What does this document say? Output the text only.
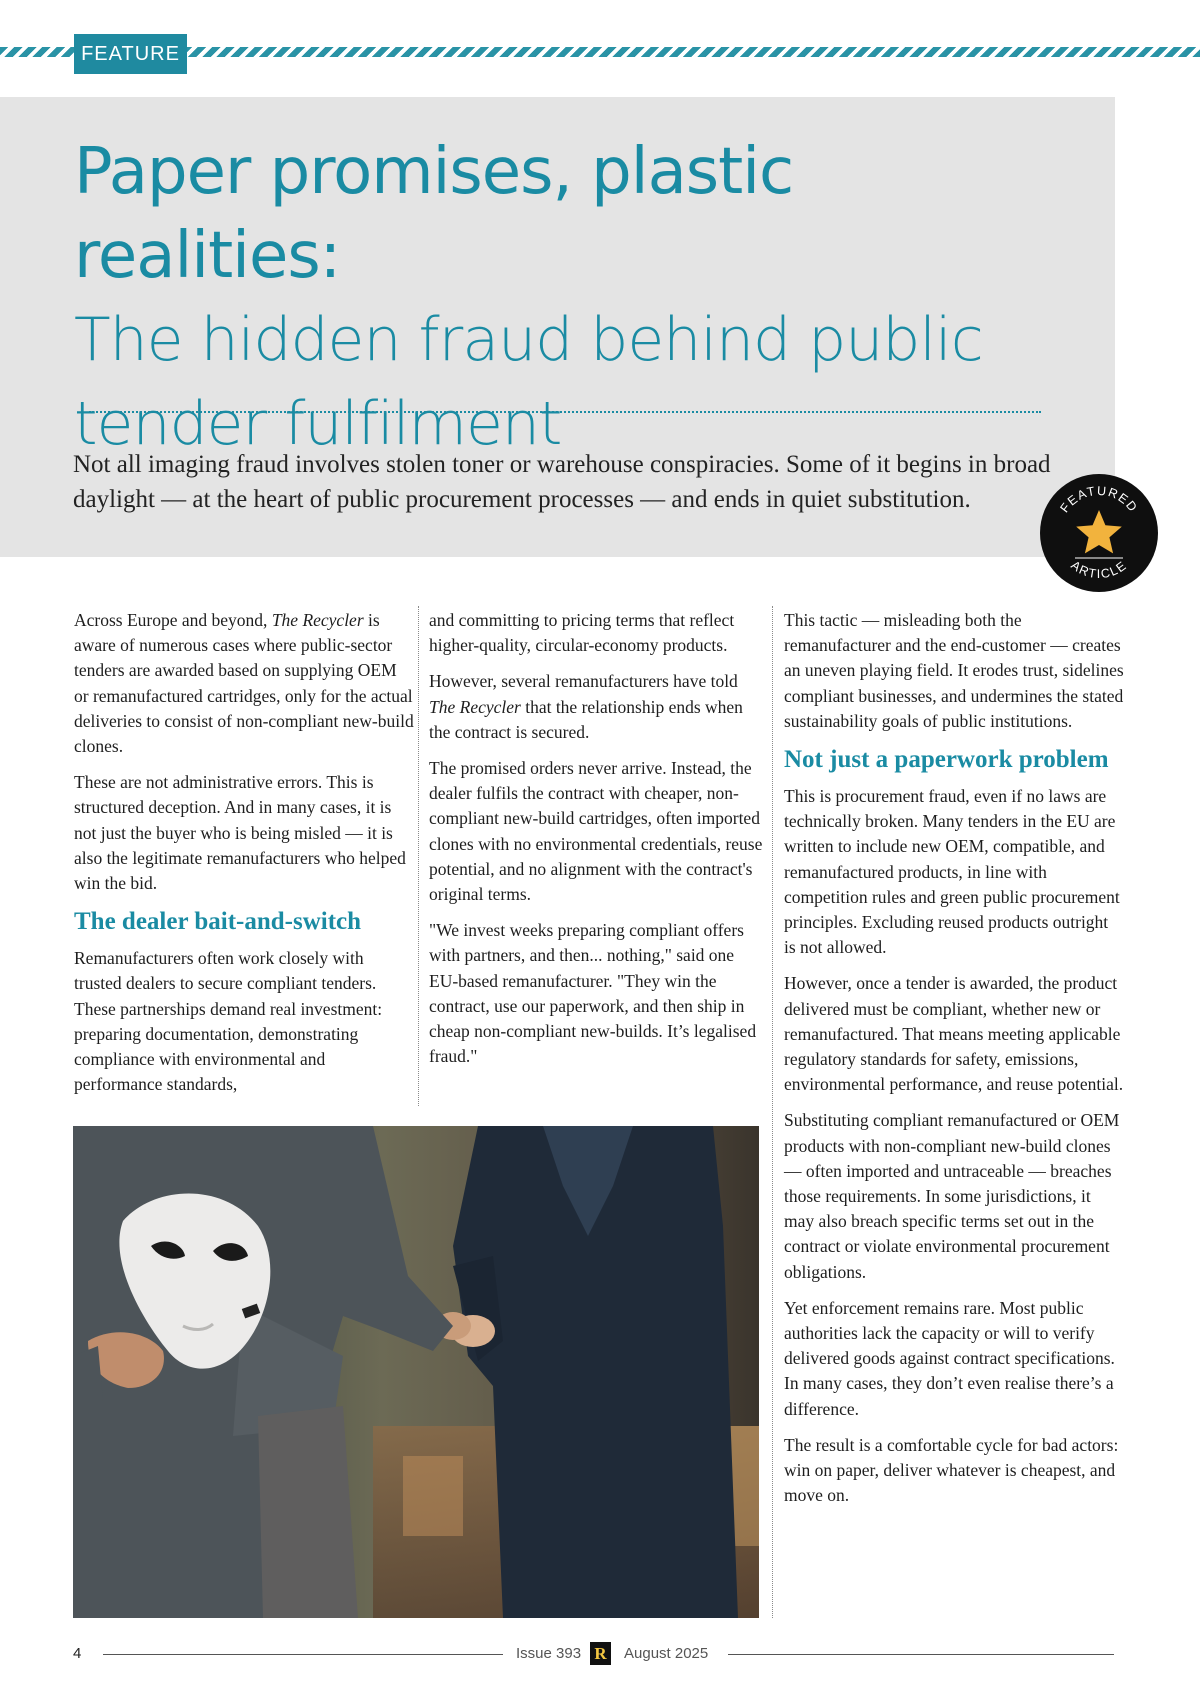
FEATURE
Paper promises, plastic realities:
The hidden fraud behind public
tender fulfilment

Not all imaging fraud involves stolen toner or warehouse conspiracies. Some of it begins in broad daylight — at the heart of public procurement processes — and ends in quiet substitution.	FEATURED
ARTICLE

Across Europe and beyond, The Recycler is aware of numerous cases where public-sector tenders are awarded based on supplying OEM or remanufactured cartridges, only for the actual deliveries to consist of non-compliant new-build clones.

These are not administrative errors. This is structured deception. And in many cases, it is not just the buyer who is being misled — it is also the legitimate remanufacturers who helped win the bid.

The dealer bait-and-switch

Remanufacturers often work closely with trusted dealers to secure compliant tenders. These partnerships demand real investment: preparing documentation, demonstrating compliance with environmental and performance standards,

and committing to pricing terms that reflect higher-quality, circular-economy products.

However, several remanufacturers have told The Recycler that the relationship ends when the contract is secured.

The promised orders never arrive. Instead, the dealer fulfils the contract with cheaper, non-compliant new-build cartridges, often imported clones with no environmental credentials, reuse potential, and no alignment with the contract's original terms.

"We invest weeks preparing compliant offers with partners, and then... nothing," said one EU-based remanufacturer. "They win the contract, use our paperwork, and then ship in cheap non-compliant new-builds. It’s legalised fraud."

This tactic — misleading both the remanufacturer and the end-customer — creates an uneven playing field. It erodes trust, sidelines compliant businesses, and undermines the stated sustainability goals of public institutions.

Not just a paperwork problem

This is procurement fraud, even if no laws are technically broken. Many tenders in the EU are written to include new OEM, compatible, and remanufactured products, in line with competition rules and green public procurement principles. Excluding reused products outright is not allowed.

However, once a tender is awarded, the product delivered must be compliant, whether new or remanufactured. That means meeting applicable regulatory standards for safety, emissions, environmental performance, and reuse potential.

Substituting compliant remanufactured or OEM products with non-compliant new-build clones — often imported and untraceable — breaches those requirements. In some jurisdictions, it may also breach specific terms set out in the contract or violate environmental procurement obligations.

Yet enforcement remains rare. Most public authorities lack the capacity or will to verify delivered goods against contract specifications. In many cases, they don’t even realise there’s a difference.

The result is a comfortable cycle for bad actors: win on paper, deliver whatever is cheapest, and move on.

4	Issue 393 R August 2025
